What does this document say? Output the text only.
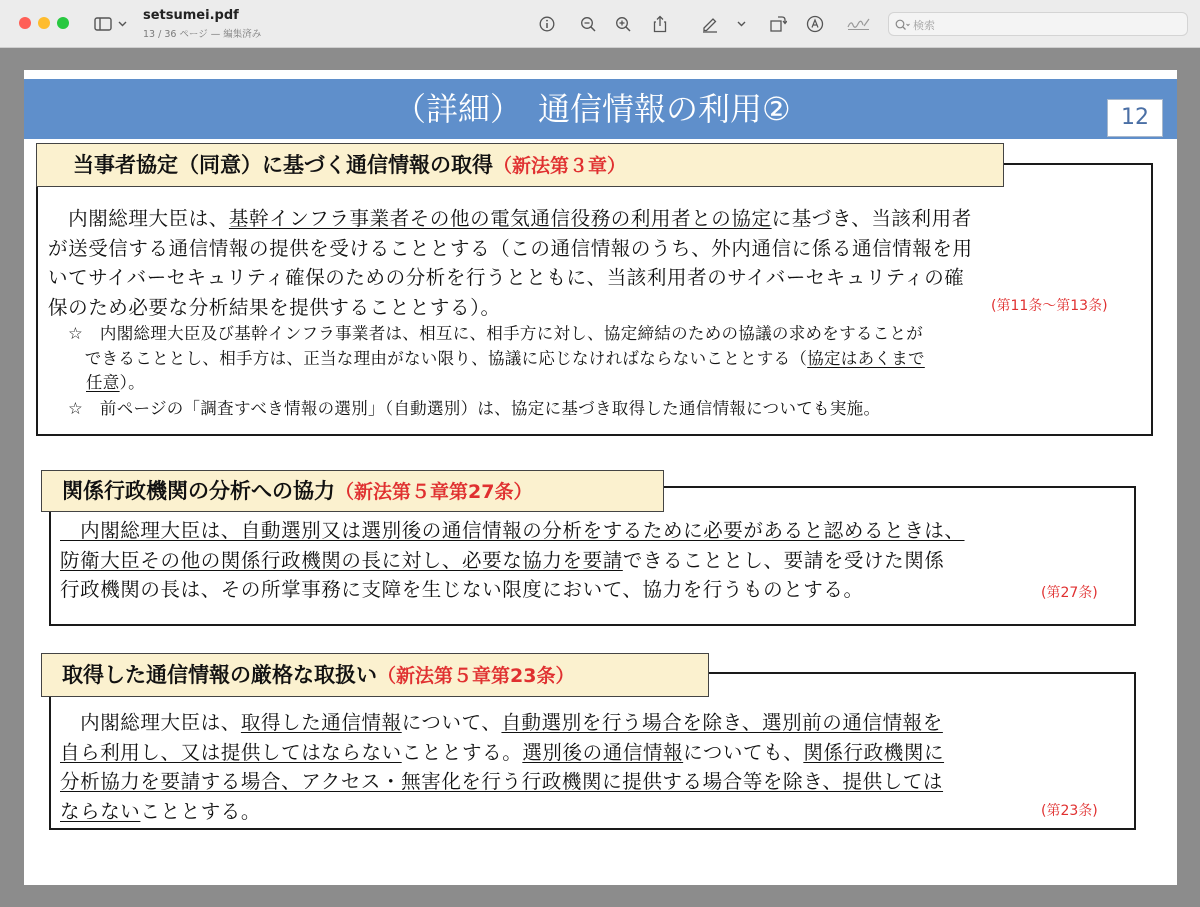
setsumei.pdf
13 / 36 ページ — 編集済み
検索
（詳細）　通信情報の利用②	12
当事者協定（同意）に基づく通信情報の取得（新法第３章）
　内閣総理大臣は、基幹インフラ事業者その他の電気通信役務の利用者との協定に基づき、当該利用者
が送受信する通信情報の提供を受けることとする（この通信情報のうち、外内通信に係る通信情報を用
いてサイバーセキュリティ確保のための分析を行うとともに、当該利用者のサイバーセキュリティの確
保のため必要な分析結果を提供することとする）。	(第11条～第13条)
☆　内閣総理大臣及び基幹インフラ事業者は、相互に、相手方に対し、協定締結のための協議の求めをすることが
　できることとし、相手方は、正当な理由がない限り、協議に応じなければならないこととする（協定はあくまで
任意）。
☆　前ページの「調査すべき情報の選別」（自動選別）は、協定に基づき取得した通信情報についても実施。
関係行政機関の分析への協力（新法第５章第27条）
　内閣総理大臣は、自動選別又は選別後の通信情報の分析をするために必要があると認めるときは、
防衛大臣その他の関係行政機関の長に対し、必要な協力を要請できることとし、要請を受けた関係
行政機関の長は、その所掌事務に支障を生じない限度において、協力を行うものとする。	(第27条)
取得した通信情報の厳格な取扱い（新法第５章第23条）
　内閣総理大臣は、取得した通信情報について、自動選別を行う場合を除き、選別前の通信情報を
自ら利用し、又は提供してはならないこととする。選別後の通信情報についても、関係行政機関に
分析協力を要請する場合、アクセス・無害化を行う行政機関に提供する場合等を除き、提供しては
ならないこととする。	(第23条)
